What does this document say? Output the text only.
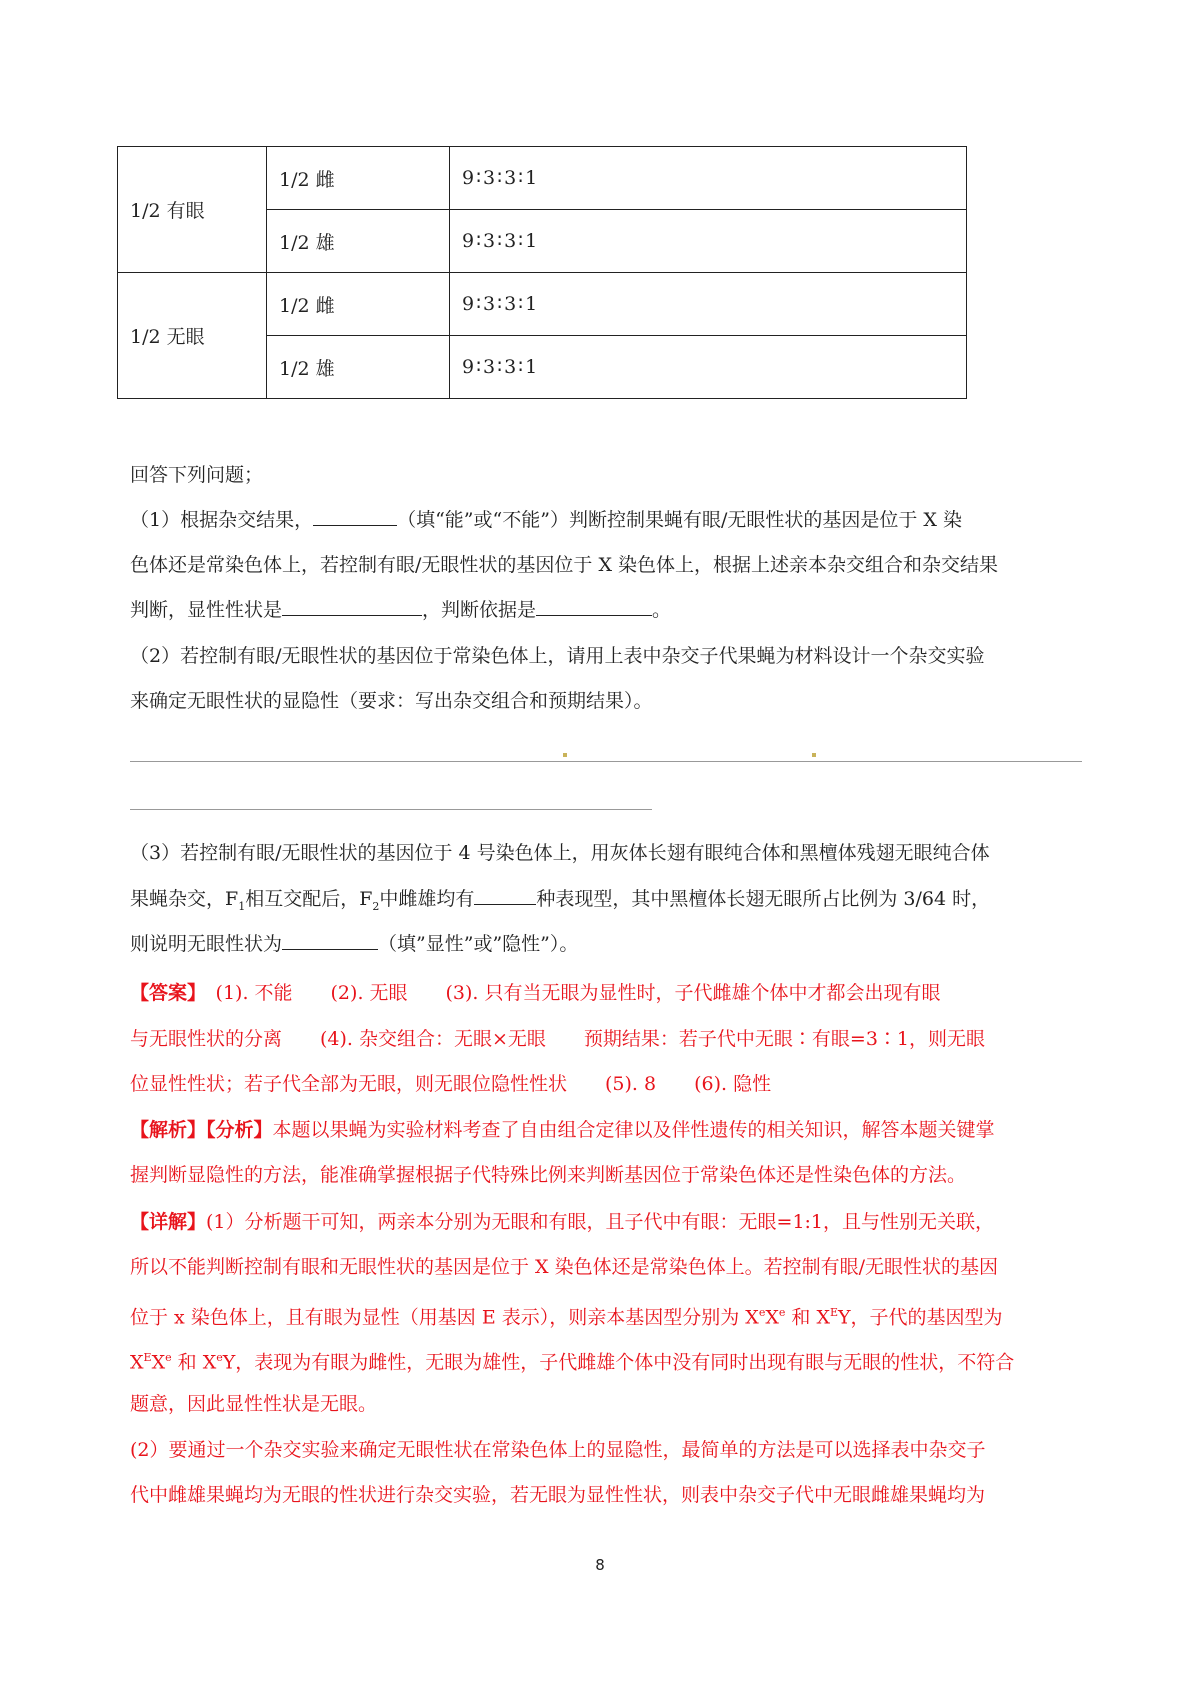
1/2 有眼	1/2 雌	9∶3∶3∶1
	1/2 雄	9∶3∶3∶1
1/2 无眼	1/2 雌	9∶3∶3∶1
	1/2 雄	9∶3∶3∶1
回答下列问题；
（1）根据杂交结果，	（填“能”或“不能”）判断控制果蝇有眼/无眼性状的基因是位于 X 染
色体还是常染色体上，若控制有眼/无眼性状的基因位于 X 染色体上，根据上述亲本杂交组合和杂交结果
判断，显性性状是	，判断依据是	。
（2）若控制有眼/无眼性状的基因位于常染色体上，请用上表中杂交子代果蝇为材料设计一个杂交实验
来确定无眼性状的显隐性（要求：写出杂交组合和预期结果）。
（3）若控制有眼/无眼性状的基因位于 4 号染色体上，用灰体长翅有眼纯合体和黑檀体残翅无眼纯合体
果蝇杂交，$F_1$相互交配后，$F_2$中雌雄均有	种表现型，其中黑檀体长翅无眼所占比例为 3/64 时，
则说明无眼性状为	（填”显性”或”隐性”）。
【答案】　 (1). 不能　　(2). 无眼　　(3). 只有当无眼为显性时，子代雌雄个体中才都会出现有眼
与无眼性状的分离　　(4). 杂交组合：无眼×无眼　　预期结果：若子代中无眼∶有眼=3∶1，则无眼
位显性性状；若子代全部为无眼，则无眼位隐性性状　　(5). 8　　(6). 隐性
【解析】【分析】本题以果蝇为实验材料考查了自由组合定律以及伴性遗传的相关知识，解答本题关键掌
握判断显隐性的方法，能准确掌握根据子代特殊比例来判断基因位于常染色体还是性染色体的方法。
【详解】(1）分析题干可知，两亲本分别为无眼和有眼，且子代中有眼：无眼=1:1，且与性别无关联，
所以不能判断控制有眼和无眼性状的基因是位于 X 染色体还是常染色体上。若控制有眼/无眼性状的基因
位于 x 染色体上，且有眼为显性（用基因 E 表示），则亲本基因型分别为 XeXe 和 $X^EY$，子代的基因型为
$X^EXe$ 和 XeY，表现为有眼为雌性，无眼为雄性，子代雌雄个体中没有同时出现有眼与无眼的性状，不符合
题意，因此显性性状是无眼。
(2）要通过一个杂交实验来确定无眼性状在常染色体上的显隐性，最简单的方法是可以选择表中杂交子
代中雌雄果蝇均为无眼的性状进行杂交实验，若无眼为显性性状，则表中杂交子代中无眼雌雄果蝇均为
8
